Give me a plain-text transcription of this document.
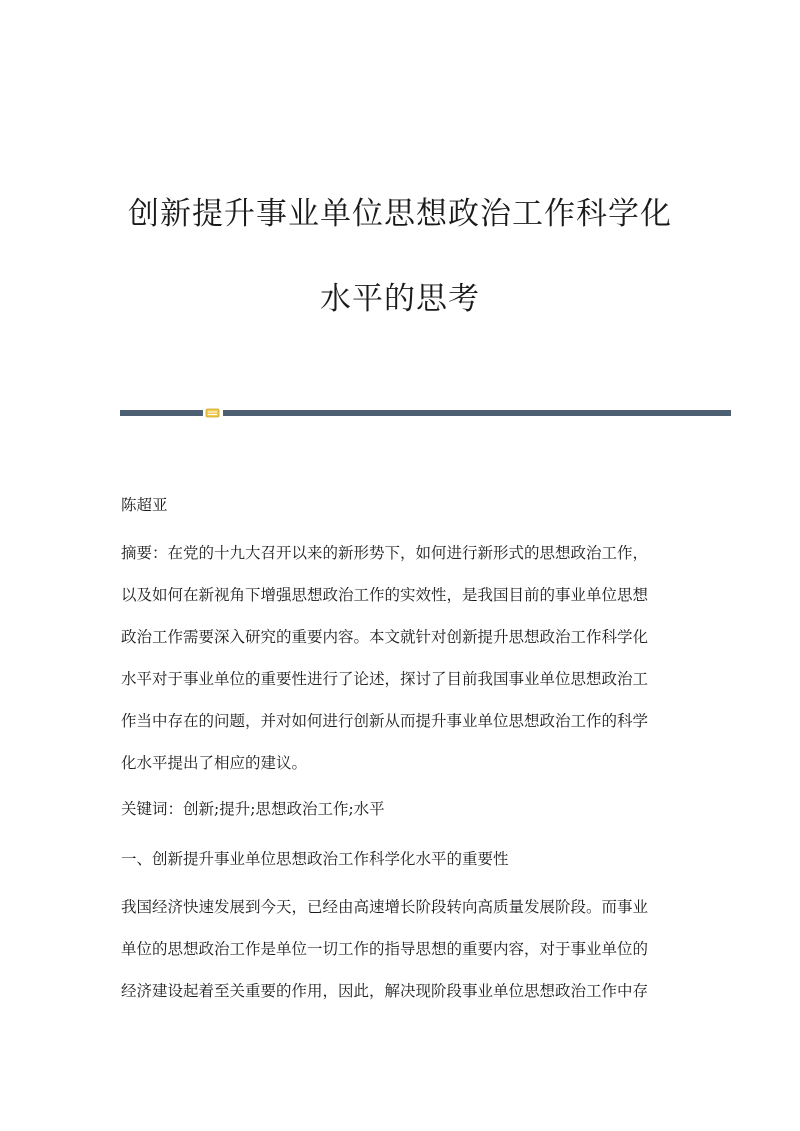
创新提升事业单位思想政治工作科学化
水平的思考

陈超亚

摘要：在党的十九大召开以来的新形势下，如何进行新形式的思想政治工作，

以及如何在新视角下增强思想政治工作的实效性，是我国目前的事业单位思想

政治工作需要深入研究的重要内容。本文就针对创新提升思想政治工作科学化

水平对于事业单位的重要性进行了论述，探讨了目前我国事业单位思想政治工

作当中存在的问题，并对如何进行创新从而提升事业单位思想政治工作的科学

化水平提出了相应的建议。

关键词：创新;提升;思想政治工作;水平

一、创新提升事业单位思想政治工作科学化水平的重要性

我国经济快速发展到今天，已经由高速增长阶段转向高质量发展阶段。而事业

单位的思想政治工作是单位一切工作的指导思想的重要内容，对于事业单位的

经济建设起着至关重要的作用，因此，解决现阶段事业单位思想政治工作中存
